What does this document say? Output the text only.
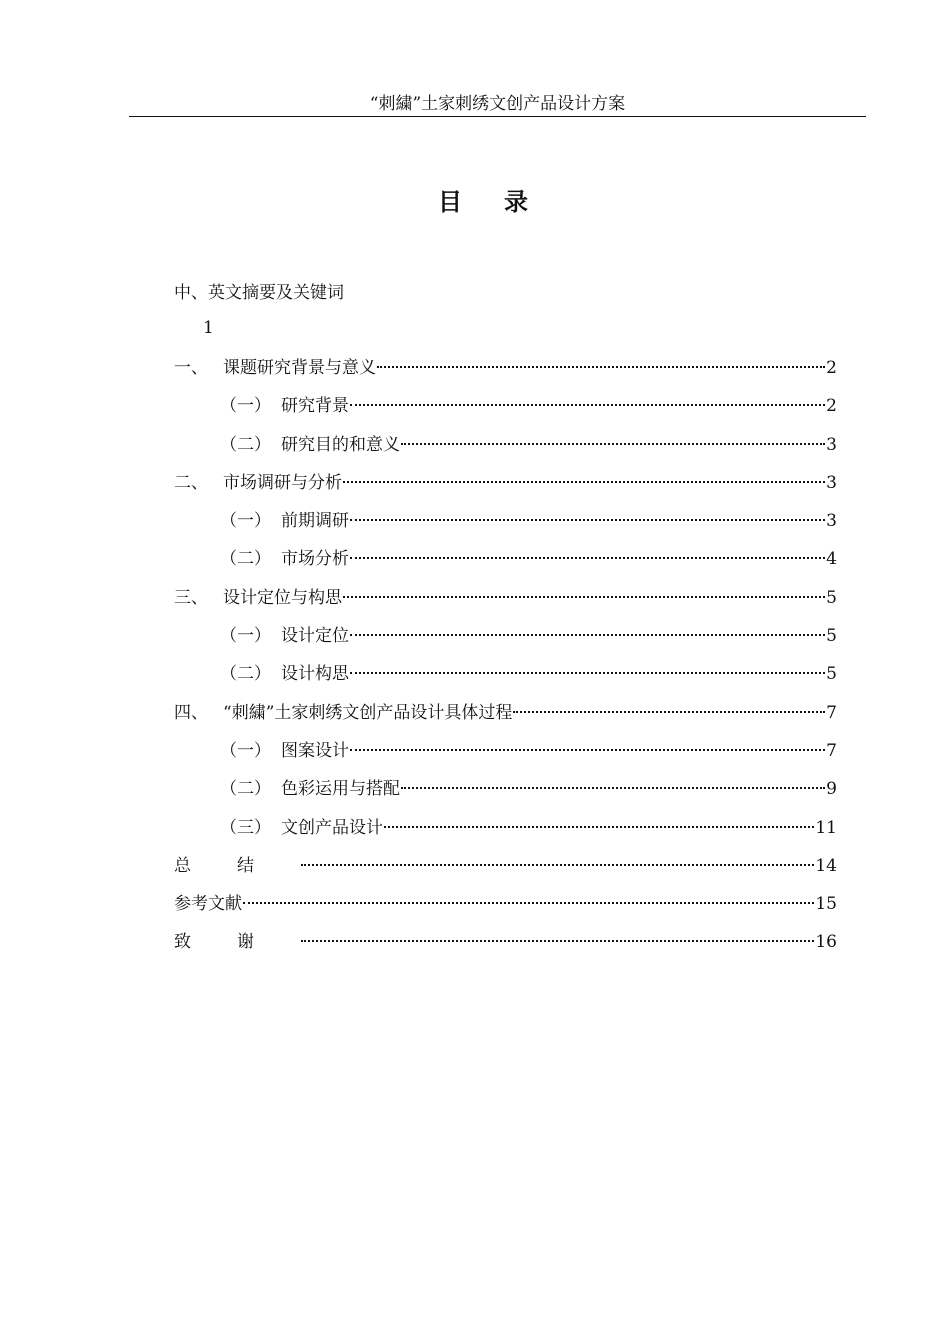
“刺繍”土家刺绣文创产品设计方案
目录
中、英文摘要及关键词
1
一、 课题研究背景与意义	2
（一） 研究背景	2
（二） 研究目的和意义	3
二、 市场调研与分析	3
（一） 前期调研	3
（二） 市场分析	4
三、 设计定位与构思	5
（一） 设计定位	5
（二） 设计构思	5
四、 “刺繍”土家刺绣文创产品设计具体过程	7
（一） 图案设计	7
（二） 色彩运用与搭配	9
（三） 文创产品设计	11
总结	14
参考文献	15
致谢	16
